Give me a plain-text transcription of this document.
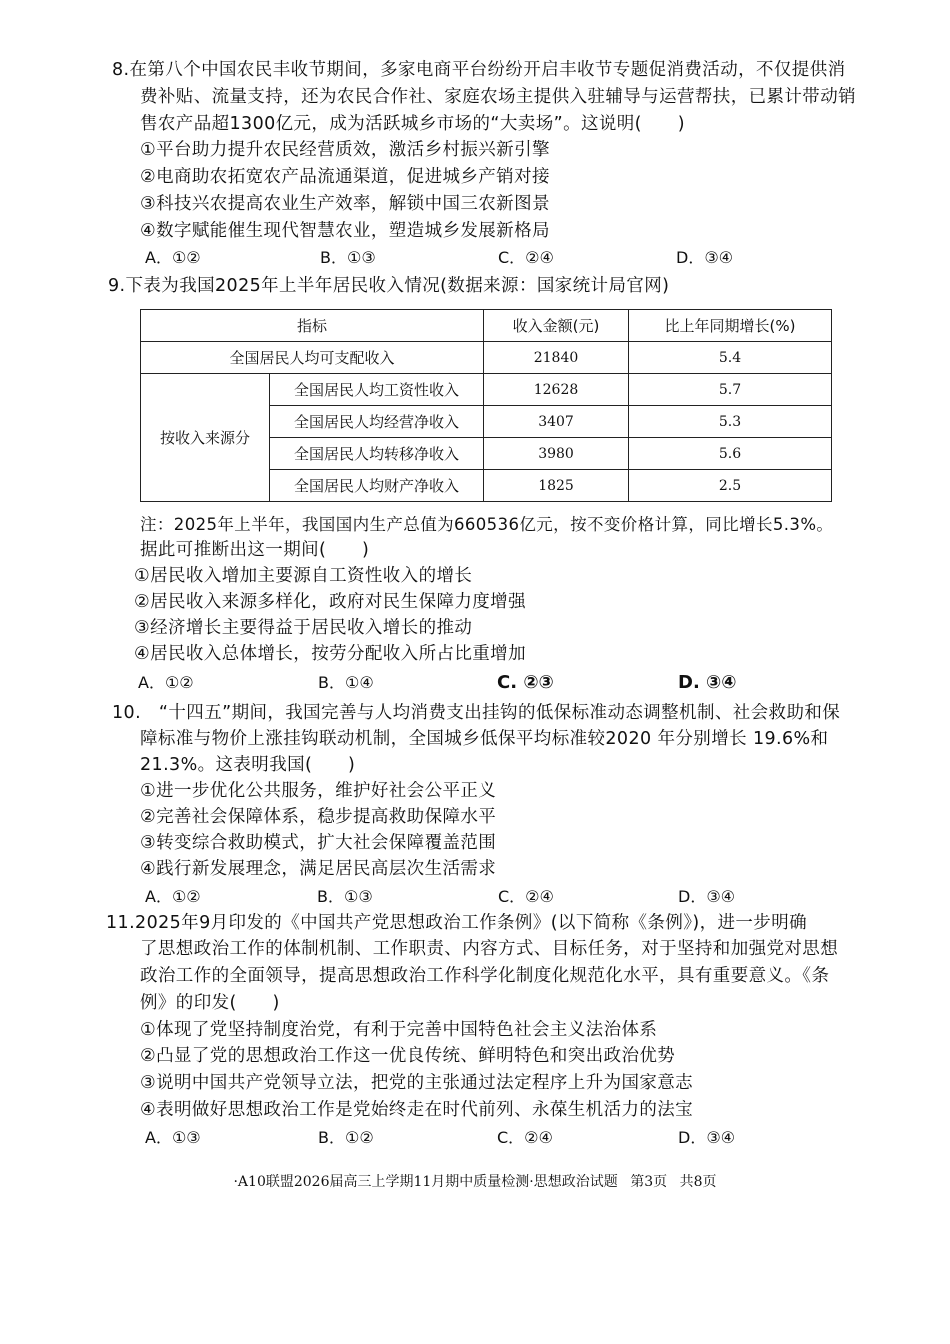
8.在第八个中国农民丰收节期间，多家电商平台纷纷开启丰收节专题促消费活动，不仅提供消
费补贴、流量支持，还为农民合作社、家庭农场主提供入驻辅导与运营帮扶，已累计带动销
售农产品超1300亿元，成为活跃城乡市场的“大卖场”。这说明(　　)
①平台助力提升农民经营质效，激活乡村振兴新引擎
②电商助农拓宽农产品流通渠道，促进城乡产销对接
③科技兴农提高农业生产效率，解锁中国三农新图景
④数字赋能催生现代智慧农业，塑造城乡发展新格局
A．①②	B．①③	C．②④	D．③④
9.下表为我国2025年上半年居民收入情况(数据来源：国家统计局官网)
指标		收入金额(元)	比上年同期增长(%)
全国居民人均可支配收入		21840	5.4
按收入来源分	全国居民人均工资性收入	12628	5.7
	全国居民人均经营净收入	3407	5.3
	全国居民人均转移净收入	3980	5.6
	全国居民人均财产净收入	1825	2.5
注：2025年上半年，我国国内生产总值为660536亿元，按不变价格计算，同比增长5.3%。
据此可推断出这一期间(　　)
①居民收入增加主要源自工资性收入的增长
②居民收入来源多样化，政府对民生保障力度增强
③经济增长主要得益于居民收入增长的推动
④居民收入总体增长，按劳分配收入所占比重增加
A．①②	B．①④	C. ②③	D. ③④
10.　“十四五”期间，我国完善与人均消费支出挂钩的低保标准动态调整机制、社会救助和保
障标准与物价上涨挂钩联动机制，全国城乡低保平均标准较2020 年分别增长 19.6%和
21.3%。这表明我国(　　)
①进一步优化公共服务，维护好社会公平正义
②完善社会保障体系，稳步提高救助保障水平
③转变综合救助模式，扩大社会保障覆盖范围
④践行新发展理念，满足居民高层次生活需求
A．①②	B．①③	C．②④	D．③④
11.2025年9月印发的《中国共产党思想政治工作条例》(以下简称《条例》)，进一步明确
了思想政治工作的体制机制、工作职责、内容方式、目标任务，对于坚持和加强党对思想
政治工作的全面领导，提高思想政治工作科学化制度化规范化水平，具有重要意义。《条
例》的印发(　　)
①体现了党坚持制度治党，有利于完善中国特色社会主义法治体系
②凸显了党的思想政治工作这一优良传统、鲜明特色和突出政治优势
③说明中国共产党领导立法，把党的主张通过法定程序上升为国家意志
④表明做好思想政治工作是党始终走在时代前列、永葆生机活力的法宝
A．①③	B．①②	C．②④	D．③④
·A10联盟2026届高三上学期11月期中质量检测·思想政治试题 第3页 共8页
